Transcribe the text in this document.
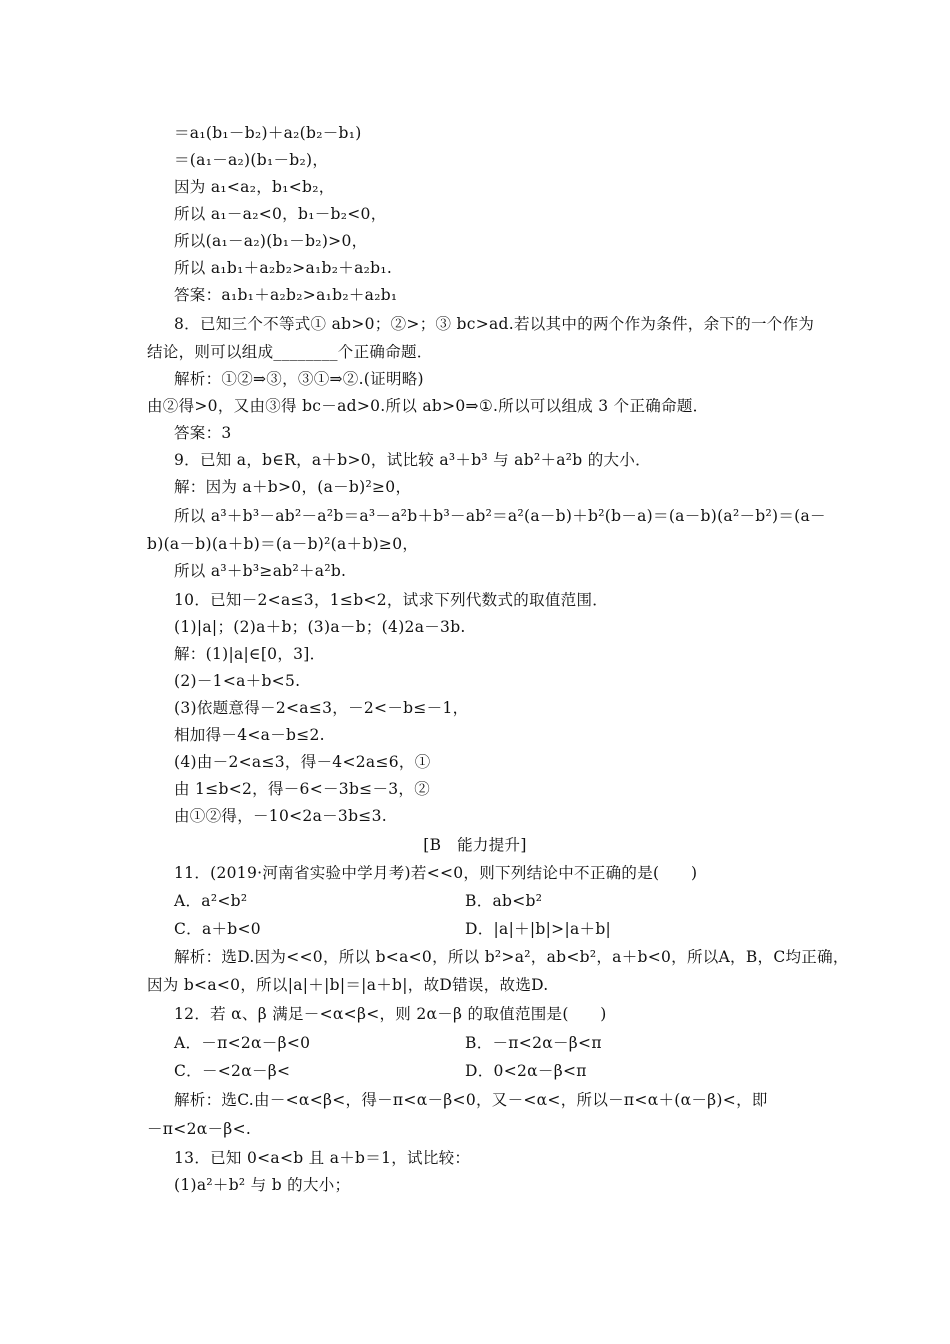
＝a₁(b₁－b₂)＋a₂(b₂－b₁)
＝(a₁－a₂)(b₁－b₂)，
因为 a₁<a₂，b₁<b₂，
所以 a₁－a₂<0，b₁－b₂<0，
所以(a₁－a₂)(b₁－b₂)>0，
所以 a₁b₁＋a₂b₂>a₁b₂＋a₂b₁.
答案：a₁b₁＋a₂b₂>a₁b₂＋a₂b₁
8．已知三个不等式① ab>0；②>；③ bc>ad.若以其中的两个作为条件，余下的一个作为
结论，则可以组成________个正确命题．
解析：①②⇒③，③①⇒②.(证明略)
由②得>0，又由③得 bc－ad>0.所以 ab>0⇒①.所以可以组成 3 个正确命题．
答案：3
9．已知 a，b∈R，a＋b>0，试比较 a³＋b³ 与 ab²＋a²b 的大小．
解：因为 a＋b>0，(a－b)²≥0，
所以 a³＋b³－ab²－a²b＝a³－a²b＋b³－ab²＝a²(a－b)＋b²(b－a)＝(a－b)(a²－b²)＝(a－
b)(a－b)(a＋b)＝(a－b)²(a＋b)≥0，
所以 a³＋b³≥ab²＋a²b.
10．已知－2<a≤3，1≤b<2，试求下列代数式的取值范围．
(1)|a|；(2)a＋b；(3)a－b；(4)2a－3b.
解：(1)|a|∈[0，3]．
(2)－1<a＋b<5.
(3)依题意得－2<a≤3，－2<－b≤－1，
相加得－4<a－b≤2.
(4)由－2<a≤3，得－4<2a≤6，①
由 1≤b<2，得－6<－3b≤－3，②
由①②得，－10<2a－3b≤3.
[B　能力提升]
11．(2019·河南省实验中学月考)若<<0，则下列结论中不正确的是(　　)
A．a²<b²	B．ab<b²
C．a＋b<0	D．|a|＋|b|>|a＋b|
解析：选D.因为<<0，所以 b<a<0，所以 b²>a²，ab<b²，a＋b<0，所以A，B，C均正确，
因为 b<a<0，所以|a|＋|b|＝|a＋b|，故D错误，故选D.
12．若 α、β 满足－<α<β<，则 2α－β 的取值范围是(　　)
A．－π<2α－β<0	B．－π<2α－β<π
C．－<2α－β<	D．0<2α－β<π
解析：选C.由－<α<β<，得－π<α－β<0，又－<α<，所以－π<α＋(α－β)<，即
－π<2α－β<.
13．已知 0<a<b 且 a＋b＝1，试比较：
(1)a²＋b² 与 b 的大小；
